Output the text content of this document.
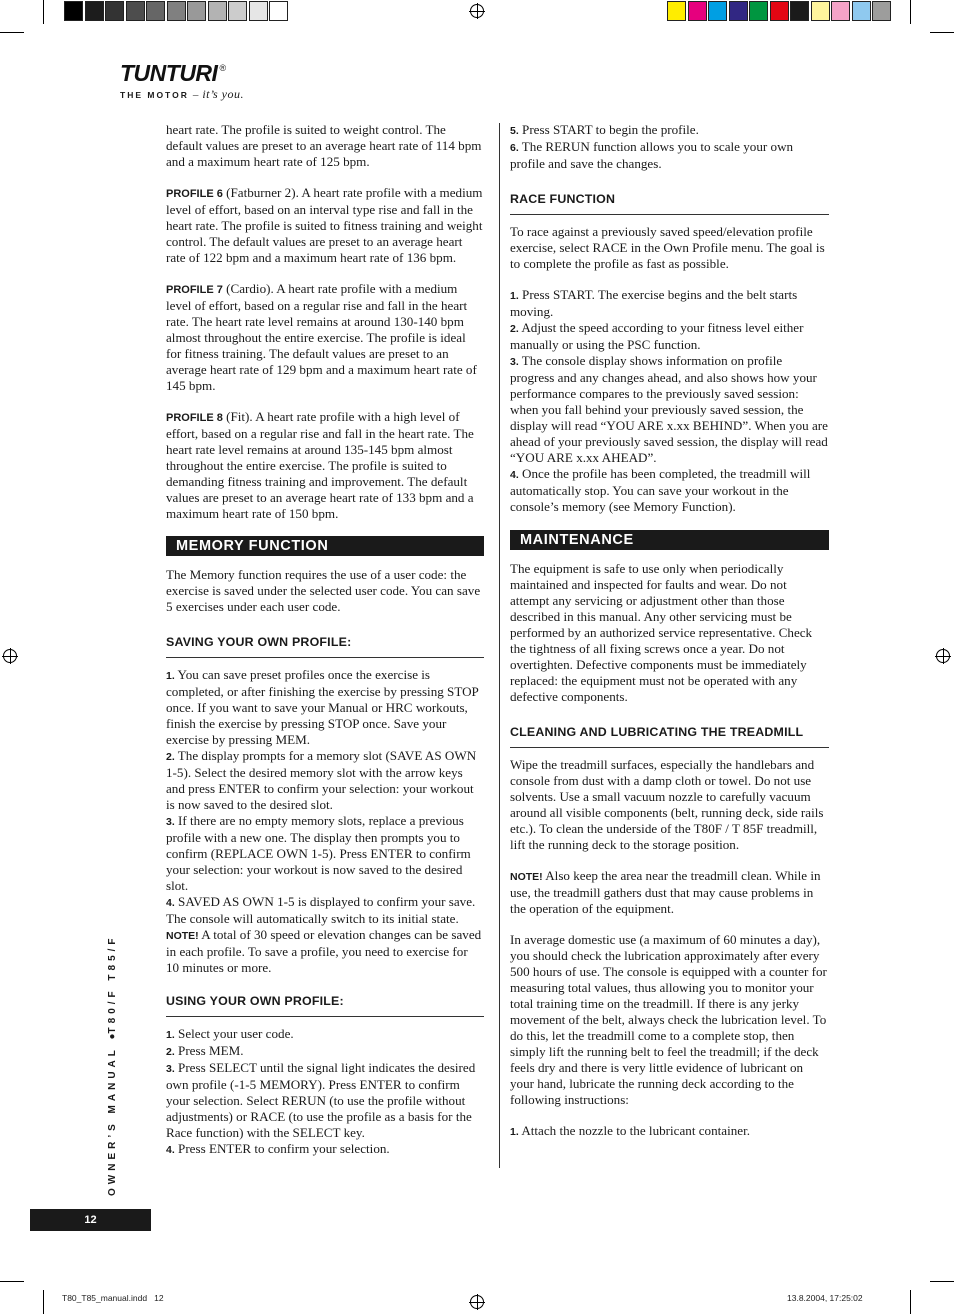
TUNTURI ®
THE MOTOR – it’s you.

heart rate. The profile is suited to weight control. The default values are preset to an average heart rate of 114 bpm and a maximum heart rate of 125 bpm.

PROFILE 6 (Fatburner 2). A heart rate profile with a medium level of effort, based on an interval type rise and fall in the heart rate. The profile is suited to fitness training and weight control. The default values are preset to an average heart rate of 122 bpm and a maximum heart rate of 136 bpm.

PROFILE 7 (Cardio). A heart rate profile with a medium level of effort, based on a regular rise and fall in the heart rate. The heart rate level remains at around 130-140 bpm almost throughout the entire exercise. The profile is ideal for fitness training. The default values are preset to an average heart rate of 129 bpm and a maximum heart rate of 145 bpm.

PROFILE 8 (Fit). A heart rate profile with a high level of effort, based on a regular rise and fall in the heart rate. The heart rate level remains at around 135-145 bpm almost throughout the entire exercise. The profile is suited to demanding fitness training and improvement. The default values are preset to an average heart rate of 133 bpm and a maximum heart rate of 150 bpm.

MEMORY FUNCTION

The Memory function requires the use of a user code: the exercise is saved under the selected user code. You can save 5 exercises under each user code.

SAVING YOUR OWN PROFILE:

1. You can save preset profiles once the exercise is completed, or after finishing the exercise by pressing STOP once. If you want to save your Manual or HRC workouts, finish the exercise by pressing STOP once. Save your exercise by pressing MEM.

2. The display prompts for a memory slot (SAVE AS OWN 1-5). Select the desired memory slot with the arrow keys and press ENTER to confirm your selection: your workout is now saved to the desired slot.

3. If there are no empty memory slots, replace a previous profile with a new one. The display then prompts you to confirm (REPLACE OWN 1-5). Press ENTER to confirm your selection: your workout is now saved to the desired slot.

4. SAVED AS OWN 1-5 is displayed to confirm your save. The console will automatically switch to its initial state.

NOTE! A total of 30 speed or elevation changes can be saved in each profile. To save a profile, you need to exercise for 10 minutes or more.

USING YOUR OWN PROFILE:

1. Select your user code.

2. Press MEM.

3. Press SELECT until the signal light indicates the desired own profile (-1-5 MEMORY). Press ENTER to confirm your selection. Select RERUN (to use the profile without adjustments) or RACE (to use the profile as a basis for the Race function) with the SELECT key.

4. Press ENTER to confirm your selection.

5. Press START to begin the profile.

6. The RERUN function allows you to scale your own profile and save the changes.

RACE FUNCTION

To race against a previously saved speed/elevation profile exercise, select RACE in the Own Profile menu. The goal is to complete the profile as fast as possible.

1. Press START. The exercise begins and the belt starts moving.

2. Adjust the speed according to your fitness level either manually or using the PSC function.

3. The console display shows information on profile progress and any changes ahead, and also shows how your performance compares to the previously saved session: when you fall behind your previously saved session, the display will read “YOU ARE x.xx BEHIND”. When you are ahead of your previously saved session, the display will read “YOU ARE x.xx AHEAD”.

4. Once the profile has been completed, the treadmill will automatically stop. You can save your workout in the console’s memory (see Memory Function).

MAINTENANCE

The equipment is safe to use only when periodically maintained and inspected for faults and wear. Do not attempt any servicing or adjustment other than those described in this manual. Any other servicing must be performed by an authorized service representative. Check the tightness of all fixing screws once a year. Do not overtighten. Defective components must be immediately replaced: the equipment must not be operated with any defective components.

CLEANING AND LUBRICATING THE TREADMILL

Wipe the treadmill surfaces, especially the handlebars and console from dust with a damp cloth or towel. Do not use solvents. Use a small vacuum nozzle to carefully vacuum around all visible components (belt, running deck, side rails etc.). To clean the underside of the T80F / T 85F treadmill, lift the running deck to the storage position.

NOTE! Also keep the area near the treadmill clean. While in use, the treadmill gathers dust that may cause problems in the operation of the equipment.

In average domestic use (a maximum of 60 minutes a day), you should check the lubrication approximately after every 500 hours of use. The console is equipped with a counter for measuring total values, thus allowing you to monitor your total training time on the treadmill. If there is any jerky movement of the belt, always check the lubrication level. To do this, let the treadmill come to a complete stop, then simply lift the running belt to feel the treadmill; if the deck feels dry and there is very little evidence of lubricant on your hand, lubricate the running deck according to the following instructions:

1. Attach the nozzle to the lubricant container.

OWNER’S MANUAL ●T80/F T85/F
12
T80_T85_manual.indd   12	13.8.2004, 17:25:02
